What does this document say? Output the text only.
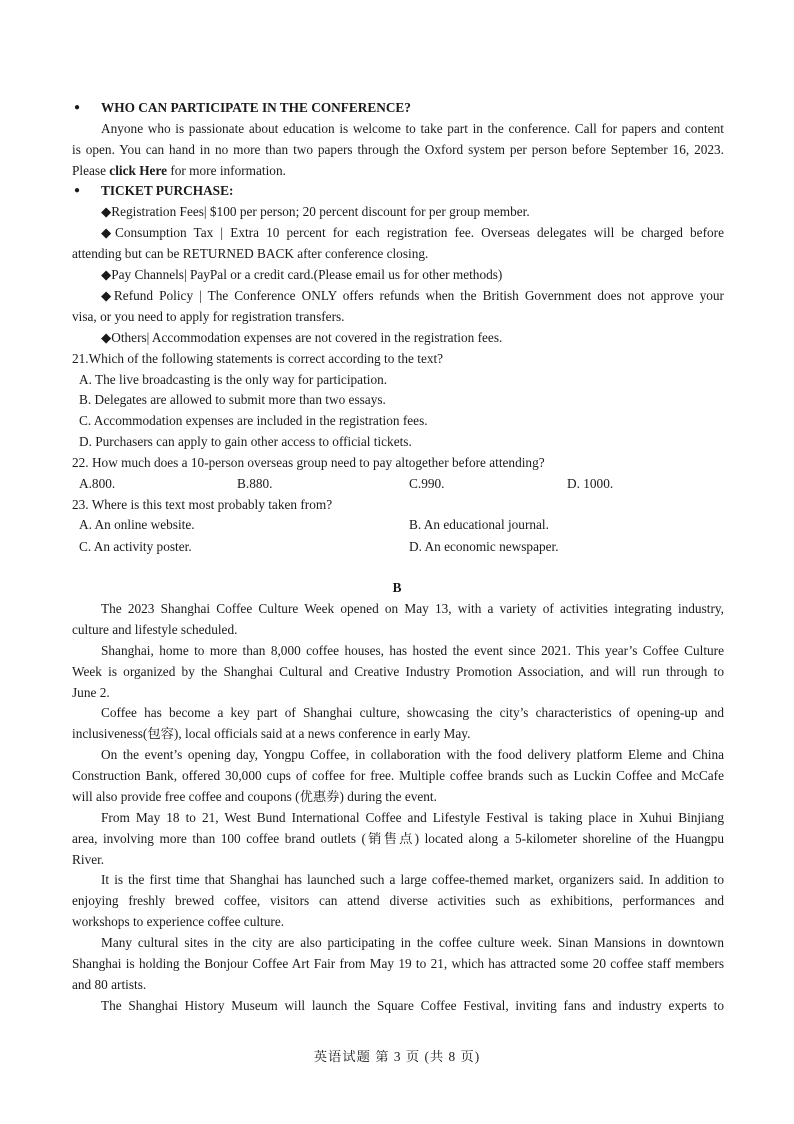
● WHO CAN PARTICIPATE IN THE CONFERENCE?
Anyone who is passionate about education is welcome to take part in the conference. Call for papers and content
is open. You can hand in no more than two papers through the Oxford system per person before September 16, 2023.
Please click Here for more information.
● TICKET PURCHASE:
◆Registration Fees| $100 per person; 20 percent discount for per group member.
◆Consumption Tax | Extra 10 percent for each registration fee. Overseas delegates will be charged before
attending but can be RETURNED BACK after conference closing.
◆Pay Channels| PayPal or a credit card.(Please email us for other methods)
◆Refund Policy | The Conference ONLY offers refunds when the British Government does not approve your
visa, or you need to apply for registration transfers.
◆Others| Accommodation expenses are not covered in the registration fees.
21.Which of the following statements is correct according to the text?
A. The live broadcasting is the only way for participation.
B. Delegates are allowed to submit more than two essays.
C. Accommodation expenses are included in the registration fees.
D. Purchasers can apply to gain other access to official tickets.
22. How much does a 10-person overseas group need to pay altogether before attending?
A.800.	B.880.	C.990.	D. 1000.
23. Where is this text most probably taken from?
A. An online website.	B. An educational journal.
C. An activity poster.	D. An economic newspaper.
B
The 2023 Shanghai Coffee Culture Week opened on May 13, with a variety of activities integrating industry,
culture and lifestyle scheduled.
Shanghai, home to more than 8,000 coffee houses, has hosted the event since 2021. This year’s Coffee Culture
Week is organized by the Shanghai Cultural and Creative Industry Promotion Association, and will run through to
June 2.
Coffee has become a key part of Shanghai culture, showcasing the city’s characteristics of opening-up and
inclusiveness(包容), local officials said at a news conference in early May.
On the event’s opening day, Yongpu Coffee, in collaboration with the food delivery platform Eleme and China
Construction Bank, offered 30,000 cups of coffee for free. Multiple coffee brands such as Luckin Coffee and McCafe
will also provide free coffee and coupons (优惠券) during the event.
From May 18 to 21, West Bund International Coffee and Lifestyle Festival is taking place in Xuhui Binjiang
area, involving more than 100 coffee brand outlets (销售点) located along a 5-kilometer shoreline of the Huangpu
River.
It is the first time that Shanghai has launched such a large coffee-themed market, organizers said. In addition to
enjoying freshly brewed coffee, visitors can attend diverse activities such as exhibitions, performances and
workshops to experience coffee culture.
Many cultural sites in the city are also participating in the coffee culture week. Sinan Mansions in downtown
Shanghai is holding the Bonjour Coffee Art Fair from May 19 to 21, which has attracted some 20 coffee staff members
and 80 artists.
The Shanghai History Museum will launch the Square Coffee Festival, inviting fans and industry experts to
英语试题 第 3 页 (共 8 页)
